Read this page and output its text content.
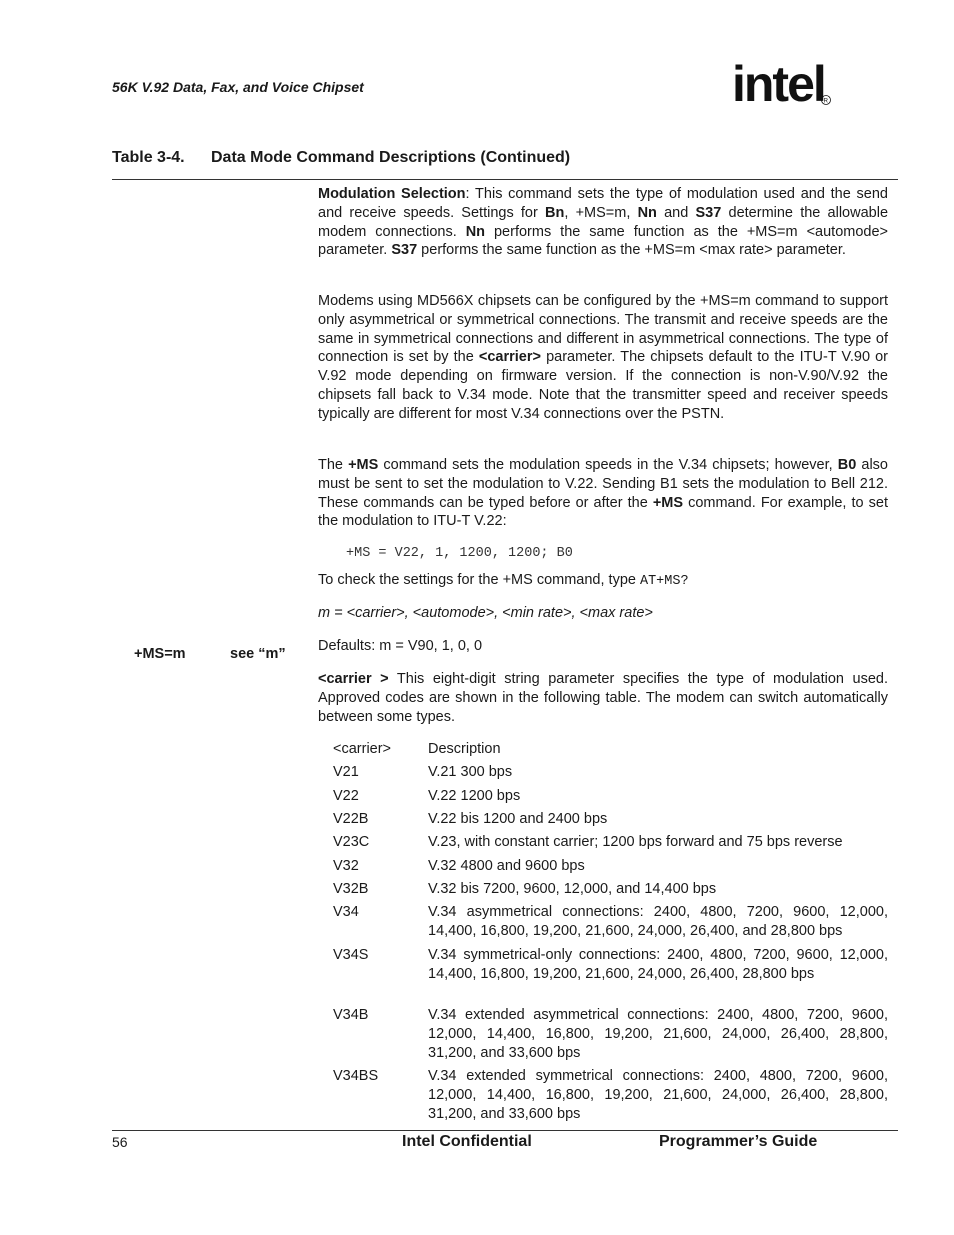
56K V.92 Data, Fax, and Voice Chipset	intel
R
Table 3-4. Data Mode Command Descriptions (Continued)
+MS=m	see “m”

Modulation Selection: This command sets the type of modulation used and the send and receive speeds. Settings for Bn, +MS=m, Nn and S37 determine the allowable modem connections. Nn performs the same function as the +MS=m <automode> parameter. S37 performs the same function as the +MS=m <max rate> parameter.

Modems using MD566X chipsets can be configured by the +MS=m command to support only asymmetrical or symmetrical connections. The transmit and receive speeds are the same in symmetrical connections and different in asymmetrical connections. The type of connection is set by the <carrier> parameter. The chipsets default to the ITU-T V.90 or V.92 mode depending on firmware version. If the connection is non-V.90/V.92 the chipsets fall back to V.34 mode. Note that the transmitter speed and receiver speeds typically are different for most V.34 connections over the PSTN.

The +MS command sets the modulation speeds in the V.34 chipsets; however, B0 also must be sent to set the modulation to V.22. Sending B1 sets the modulation to Bell 212. These commands can be typed before or after the +MS command. For example, to set the modulation to ITU-T V.22:

+MS = V22, 1, 1200, 1200; B0

To check the settings for the +MS command, type AT+MS?

m = <carrier>, <automode>, <min rate>, <max rate>

Defaults: m = V90, 1, 0, 0

<carrier > This eight-digit string parameter specifies the type of modulation used. Approved codes are shown in the following table. The modem can switch automatically between some types.

<carrier>	Description
V21	V.21 300 bps
V22	V.22 1200 bps
V22B	V.22 bis 1200 and 2400 bps
V23C	V.23, with constant carrier; 1200 bps forward and 75 bps reverse
V32	V.32 4800 and 9600 bps
V32B	V.32 bis 7200, 9600, 12,000, and 14,400 bps
V34	V.34 asymmetrical connections: 2400, 4800, 7200, 9600, 12,000, 14,400, 16,800, 19,200, 21,600, 24,000, 26,400, and 28,800 bps
V34S	V.34 symmetrical-only connections: 2400, 4800, 7200, 9600, 12,000, 14,400, 16,800, 19,200, 21,600, 24,000, 26,400, 28,800 bps
V34B	V.34 extended asymmetrical connections: 2400, 4800, 7200, 9600, 12,000, 14,400, 16,800, 19,200, 21,600, 24,000, 26,400, 28,800, 31,200, and 33,600 bps
V34BS	V.34 extended symmetrical connections: 2400, 4800, 7200, 9600, 12,000, 14,400, 16,800, 19,200, 21,600, 24,000, 26,400, 28,800, 31,200, and 33,600 bps
56	Intel Confidential	Programmer’s Guide
